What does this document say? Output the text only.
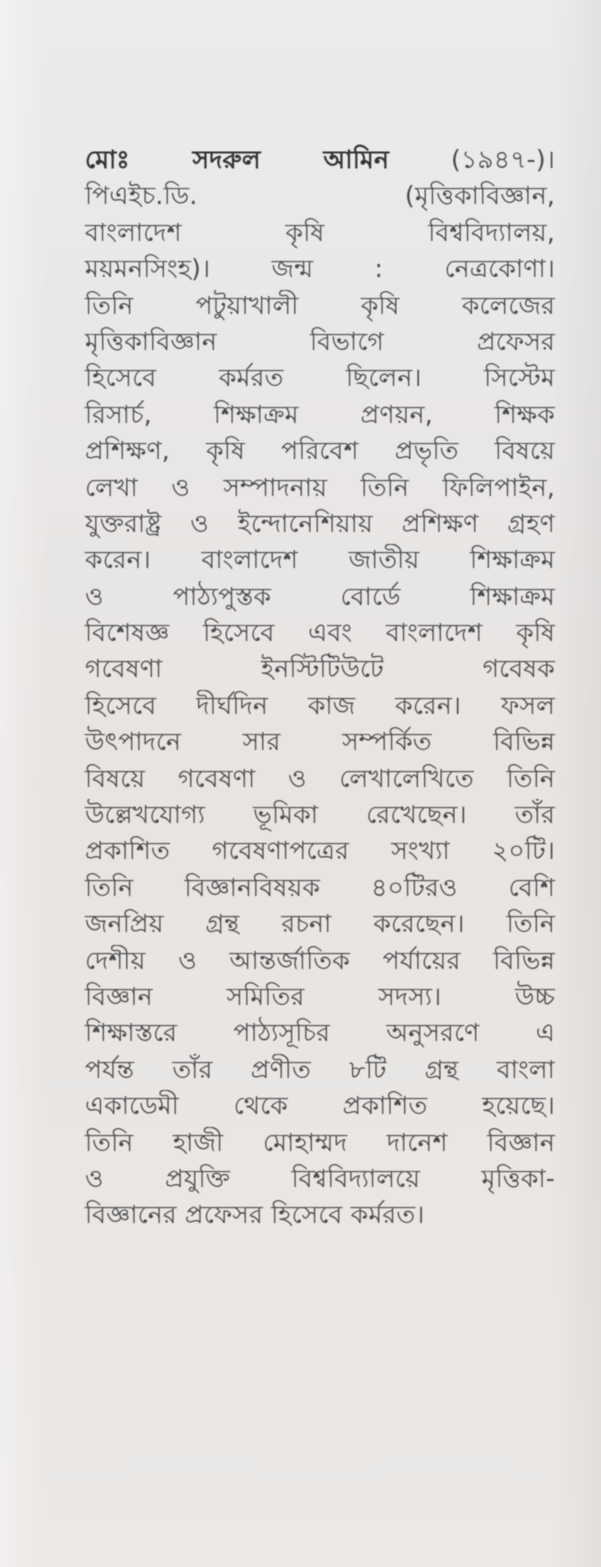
মোঃ সদরুল আমিন (১৯৪৭-)।
পিএইচ.ডি. (মৃত্তিকাবিজ্ঞান,
বাংলাদেশ কৃষি বিশ্ববিদ্যালয়,
ময়মনসিংহ)। জন্ম : নেত্রকোণা।
তিনি পটুয়াখালী কৃষি কলেজের
মৃত্তিকাবিজ্ঞান বিভাগে প্রফেসর
হিসেবে কর্মরত ছিলেন। সিস্টেম
রিসার্চ, শিক্ষাক্রম প্রণয়ন, শিক্ষক
প্রশিক্ষণ, কৃষি পরিবেশ প্রভৃতি বিষয়ে
লেখা ও সম্পাদনায় তিনি ফিলিপাইন,
যুক্তরাষ্ট্র ও ইন্দোনেশিয়ায় প্রশিক্ষণ গ্রহণ
করেন। বাংলাদেশ জাতীয় শিক্ষাক্রম
ও পাঠ্যপুস্তক বোর্ডে শিক্ষাক্রম
বিশেষজ্ঞ হিসেবে এবং বাংলাদেশ কৃষি
গবেষণা ইনস্টিটিউটে গবেষক
হিসেবে দীর্ঘদিন কাজ করেন। ফসল
উৎপাদনে সার সম্পর্কিত বিভিন্ন
বিষয়ে গবেষণা ও লেখালেখিতে তিনি
উল্লেখযোগ্য ভূমিকা রেখেছেন। তাঁর
প্রকাশিত গবেষণাপত্রের সংখ্যা ২০টি।
তিনি বিজ্ঞানবিষয়ক ৪০টিরও বেশি
জনপ্রিয় গ্রন্থ রচনা করেছেন। তিনি
দেশীয় ও আন্তর্জাতিক পর্যায়ের বিভিন্ন
বিজ্ঞান সমিতির সদস্য। উচ্চ
শিক্ষাস্তরে পাঠ্যসূচির অনুসরণে এ
পর্যন্ত তাঁর প্রণীত ৮টি গ্রন্থ বাংলা
একাডেমী থেকে প্রকাশিত হয়েছে।
তিনি হাজী মোহাম্মদ দানেশ বিজ্ঞান
ও প্রযুক্তি বিশ্ববিদ্যালয়ে মৃত্তিকা-
বিজ্ঞানের প্রফেসর হিসেবে কর্মরত।
